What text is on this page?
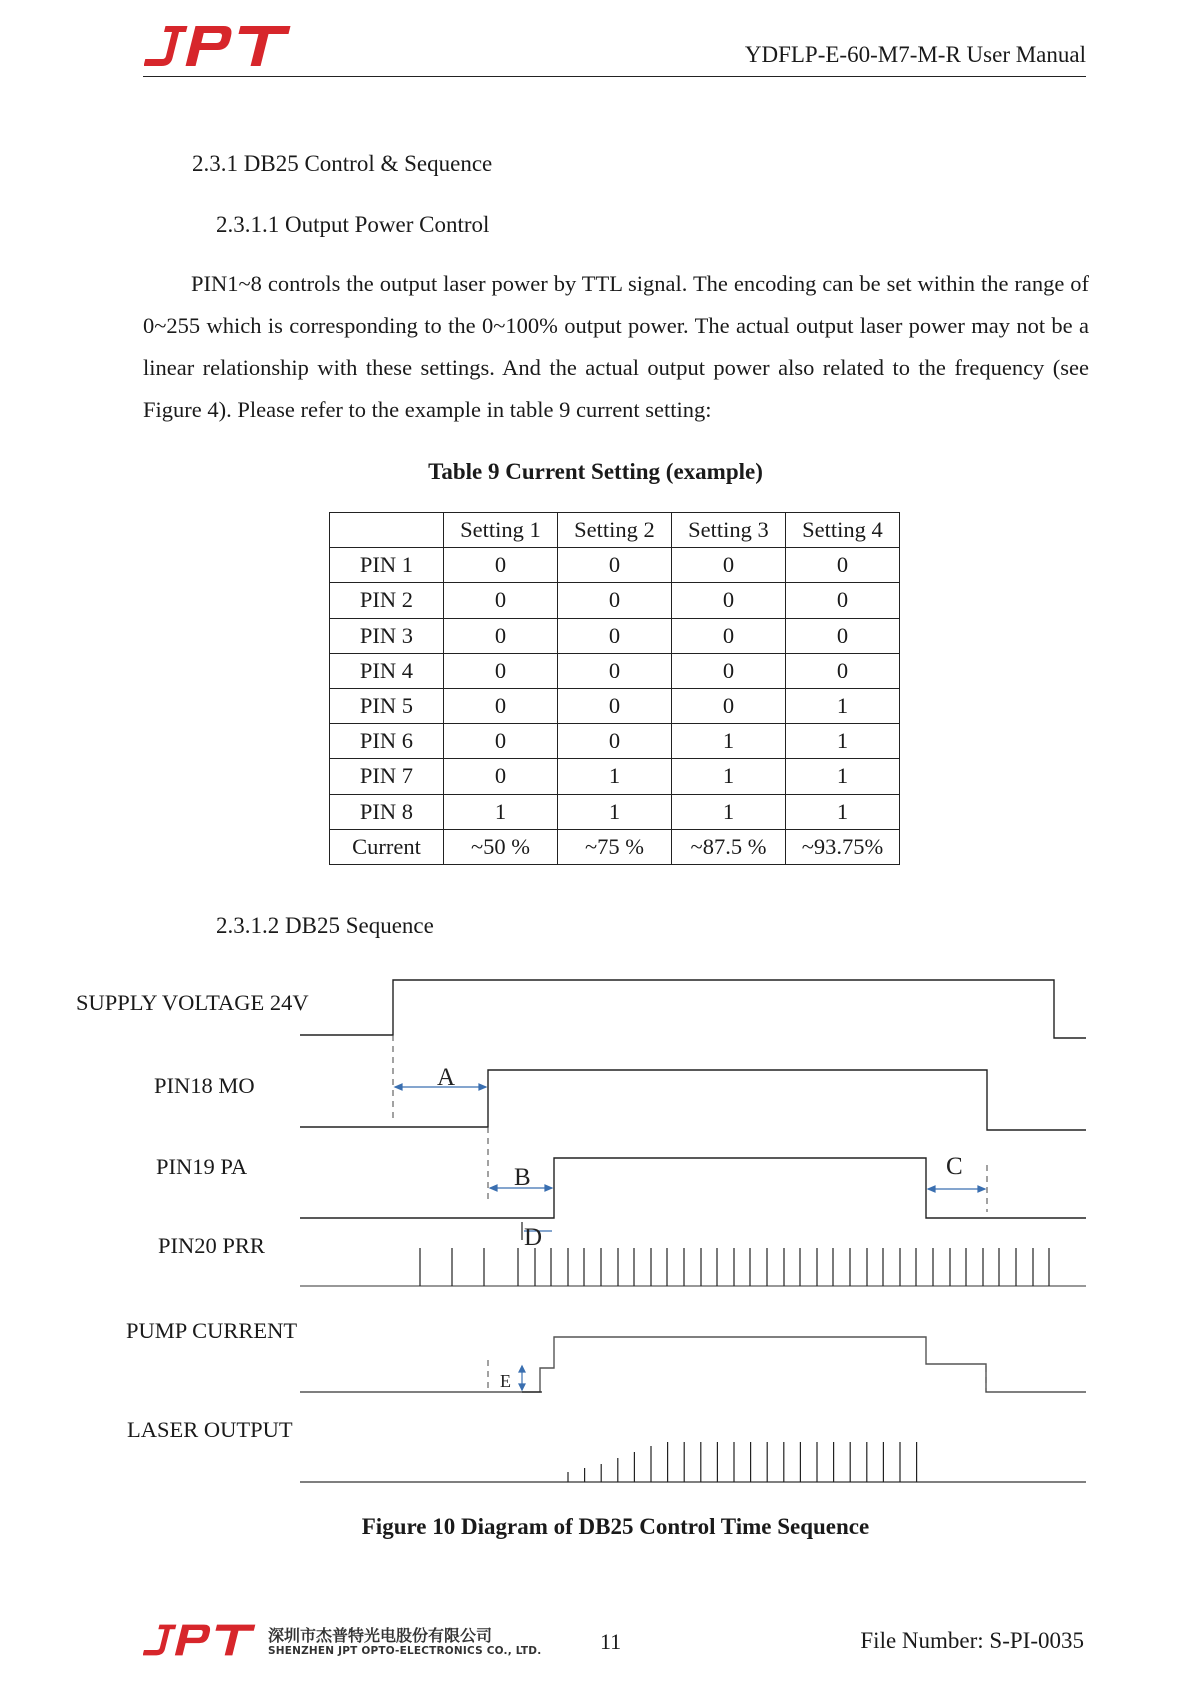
YDFLP-E-60-M7-M-R User Manual
2.3.1 DB25 Control & Sequence
2.3.1.1 Output Power Control
PIN1~8 controls the output laser power by TTL signal. The encoding can be set within the range of 0~255 which is corresponding to the 0~100% output power. The actual output laser power may not be a linear relationship with these settings. And the actual output power also related to the frequency (see Figure 4). Please refer to the example in table 9 current setting:
Table 9 Current Setting (example)
	Setting 1	Setting 2	Setting 3	Setting 4
PIN 1	0	0	0	0
PIN 2	0	0	0	0
PIN 3	0	0	0	0
PIN 4	0	0	0	0
PIN 5	0	0	0	1
PIN 6	0	0	1	1
PIN 7	0	1	1	1
PIN 8	1	1	1	1
Current	~50 %	~75 %	~87.5 %	~93.75%
2.3.1.2 DB25 Sequence
SUPPLY VOLTAGE 24V
PIN18 MO
PIN19 PA
PIN20 PRR
PUMP CURRENT
LASER OUTPUT
A
B	C
D
E
Figure 10 Diagram of DB25 Control Time Sequence
深圳市杰普特光电股份有限公司
SHENZHEN JPT OPTO-ELECTRONICS CO., LTD.	11	File Number: S-PI-0035
